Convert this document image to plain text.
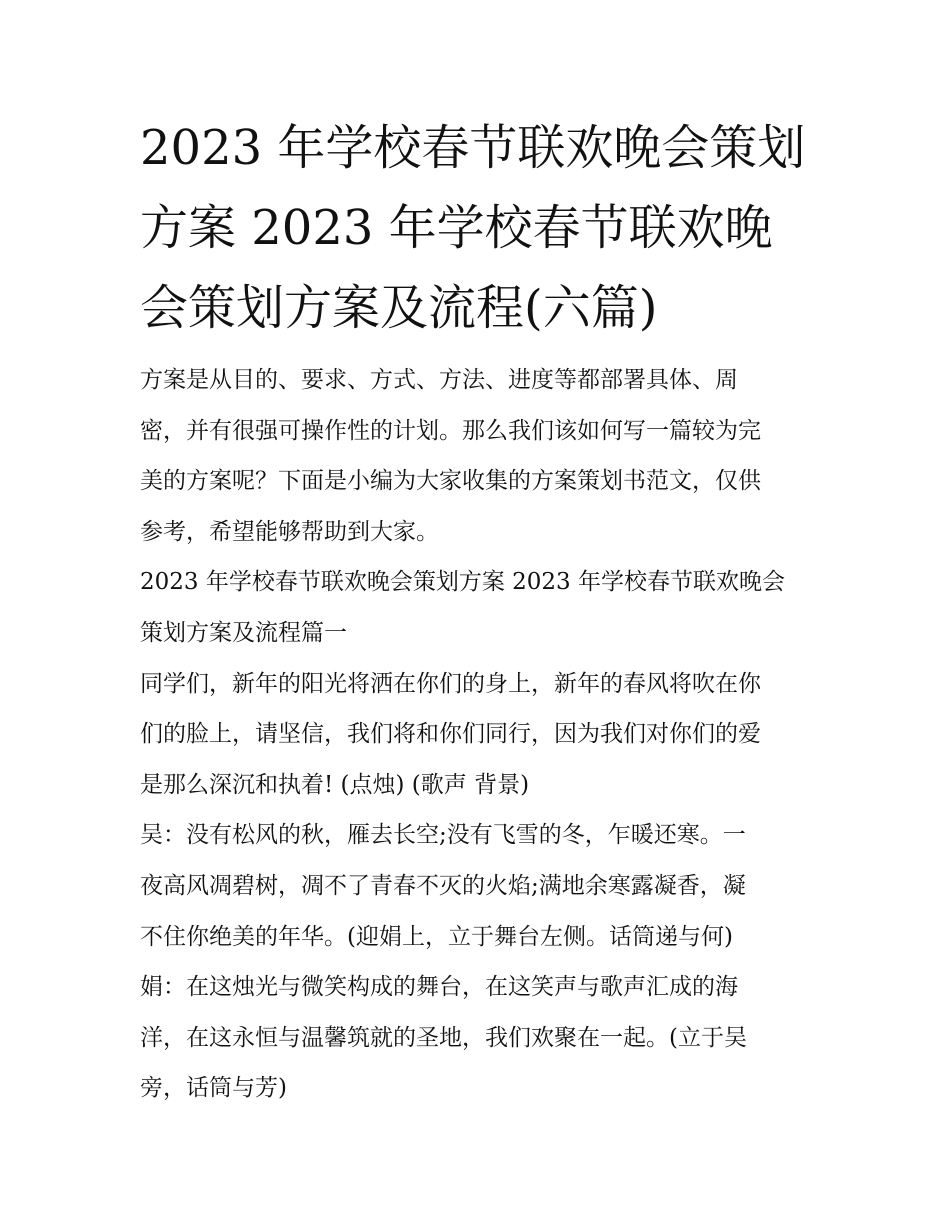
2023 年学校春节联欢晚会策划
方案 2023 年学校春节联欢晚
会策划方案及流程(六篇)

方案是从目的、要求、方式、方法、进度等都部署具体、周
密，并有很强可操作性的计划。那么我们该如何写一篇较为完
美的方案呢？下面是小编为大家收集的方案策划书范文，仅供
参考，希望能够帮助到大家。

2023 年学校春节联欢晚会策划方案 2023 年学校春节联欢晚会
策划方案及流程篇一

同学们，新年的阳光将洒在你们的身上，新年的春风将吹在你
们的脸上，请坚信，我们将和你们同行，因为我们对你们的爱
是那么深沉和执着! (点烛) (歌声 背景)

吴：没有松风的秋，雁去长空;没有飞雪的冬，乍暖还寒。一
夜高风凋碧树，凋不了青春不灭的火焰;满地余寒露凝香，凝
不住你绝美的年华。(迎娟上，立于舞台左侧。话筒递与何)

娟：在这烛光与微笑构成的舞台，在这笑声与歌声汇成的海
洋，在这永恒与温馨筑就的圣地，我们欢聚在一起。(立于吴
旁，话筒与芳)
